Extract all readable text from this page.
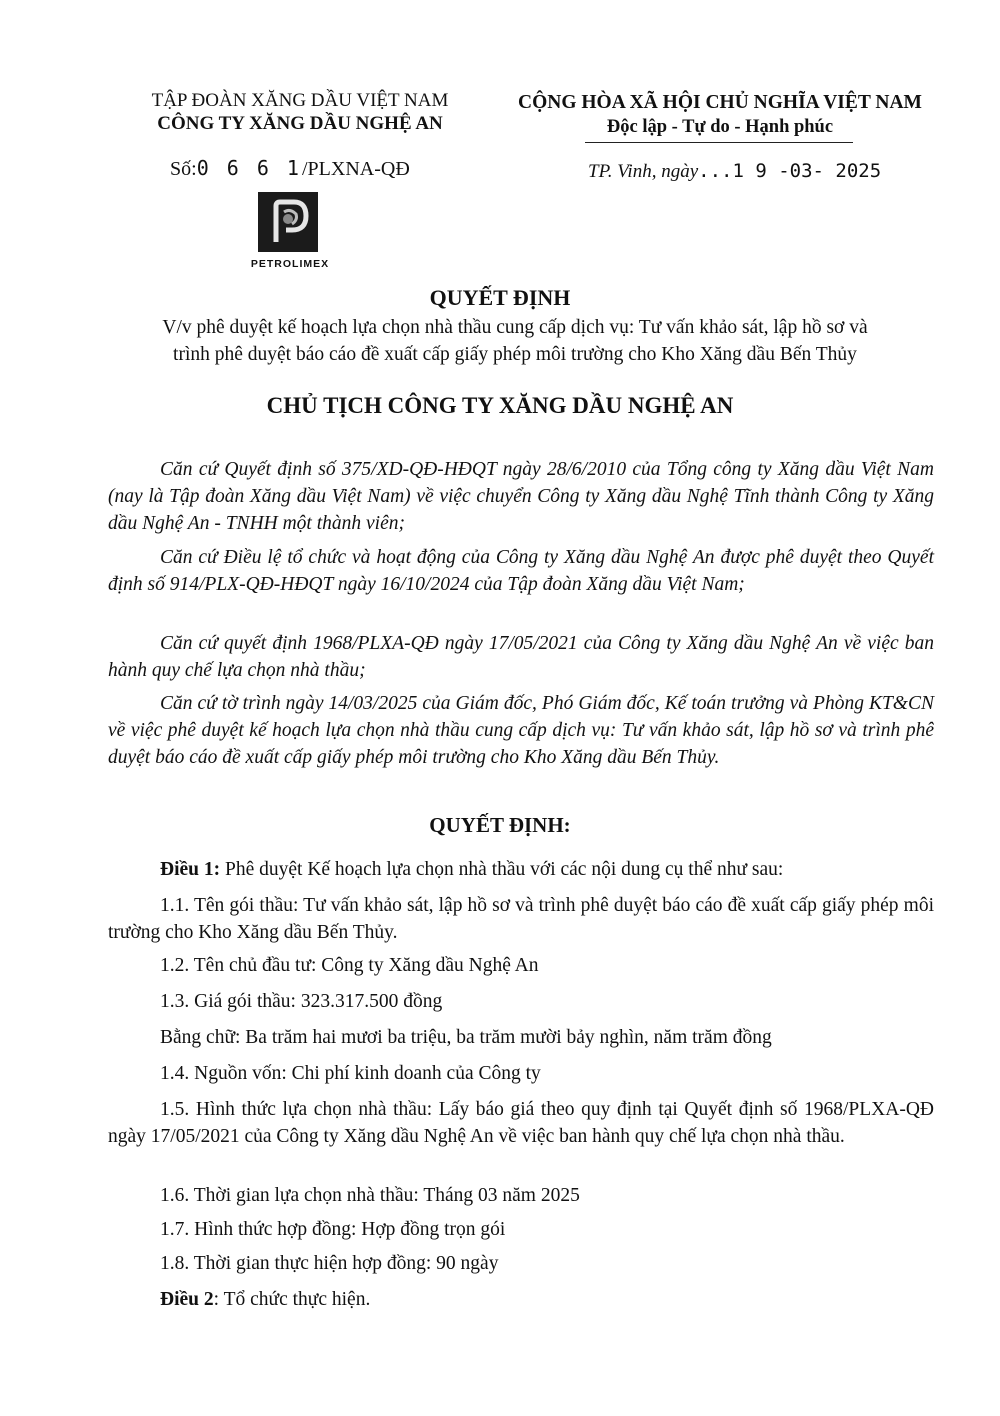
TẬP ĐOÀN XĂNG DẦU VIỆT NAM
CÔNG TY XĂNG DẦU NGHỆ AN
Số:0 6 6 1/PLXNA-QĐ
PETROLIMEX
CỘNG HÒA XÃ HỘI CHỦ NGHĨA VIỆT NAM
Độc lập - Tự do - Hạnh phúc
TP. Vinh, ngày...1 9 -03- 2025
QUYẾT ĐỊNH
V/v phê duyệt kế hoạch lựa chọn nhà thầu cung cấp dịch vụ: Tư vấn khảo sát, lập hồ sơ và
trình phê duyệt báo cáo đề xuất cấp giấy phép môi trường cho Kho Xăng dầu Bến Thủy
CHỦ TỊCH CÔNG TY XĂNG DẦU NGHỆ AN

Căn cứ Quyết định số 375/XD-QĐ-HĐQT ngày 28/6/2010 của Tổng công ty Xăng dầu Việt Nam (nay là Tập đoàn Xăng dầu Việt Nam) về việc chuyển Công ty Xăng dầu Nghệ Tĩnh thành Công ty Xăng dầu Nghệ An - TNHH một thành viên;

Căn cứ Điều lệ tổ chức và hoạt động của Công ty Xăng dầu Nghệ An được phê duyệt theo Quyết định số 914/PLX-QĐ-HĐQT ngày 16/10/2024 của Tập đoàn Xăng dầu Việt Nam;

Căn cứ quyết định 1968/PLXA-QĐ ngày 17/05/2021 của Công ty Xăng dầu Nghệ An về việc ban hành quy chế lựa chọn nhà thầu;

Căn cứ tờ trình ngày 14/03/2025 của Giám đốc, Phó Giám đốc, Kế toán trưởng và Phòng KT&CN về việc phê duyệt kế hoạch lựa chọn nhà thầu cung cấp dịch vụ: Tư vấn khảo sát, lập hồ sơ và trình phê duyệt báo cáo đề xuất cấp giấy phép môi trường cho Kho Xăng dầu Bến Thủy.

QUYẾT ĐỊNH:
Điều 1: Phê duyệt Kế hoạch lựa chọn nhà thầu với các nội dung cụ thể như sau:

1.1. Tên gói thầu: Tư vấn khảo sát, lập hồ sơ và trình phê duyệt báo cáo đề xuất cấp giấy phép môi trường cho Kho Xăng dầu Bến Thủy.

1.2. Tên chủ đầu tư: Công ty Xăng dầu Nghệ An
1.3. Giá gói thầu: 323.317.500 đồng
Bằng chữ: Ba trăm hai mươi ba triệu, ba trăm mười bảy nghìn, năm trăm đồng
1.4. Nguồn vốn: Chi phí kinh doanh của Công ty

1.5. Hình thức lựa chọn nhà thầu: Lấy báo giá theo quy định tại Quyết định số 1968/PLXA-QĐ ngày 17/05/2021 của Công ty Xăng dầu Nghệ An về việc ban hành quy chế lựa chọn nhà thầu.

1.6. Thời gian lựa chọn nhà thầu: Tháng 03 năm 2025
1.7. Hình thức hợp đồng: Hợp đồng trọn gói
1.8. Thời gian thực hiện hợp đồng: 90 ngày
Điều 2: Tổ chức thực hiện.
